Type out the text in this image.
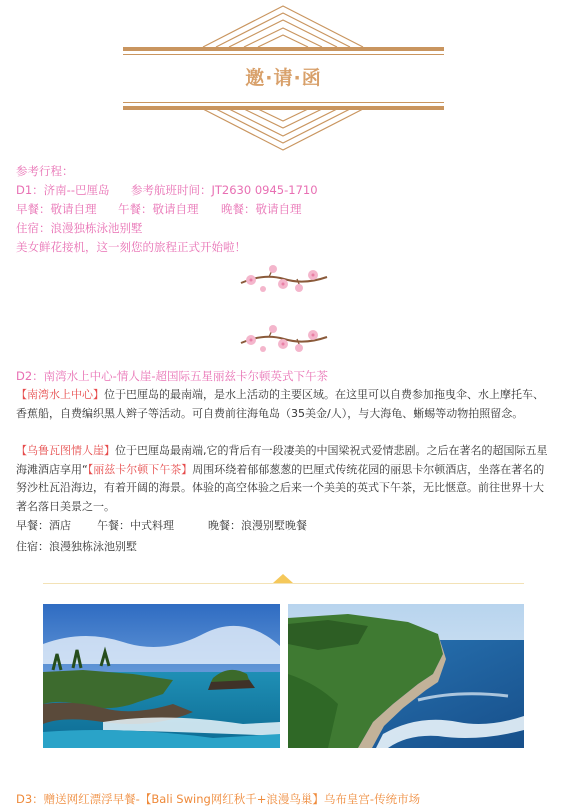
邀·请·函
参考行程：
D1：济南--巴厘岛 参考航班时间：JT2630 0945-1710
早餐：敬请自理 午餐：敬请自理 晚餐：敬请自理
住宿：浪漫独栋泳池别墅
美女鲜花接机，这一刻您的旅程正式开始啦！
D2：南湾水上中心-情人崖-超国际五星丽兹卡尔顿英式下午茶
【南湾水上中心】位于巴厘岛的最南端，是水上活动的主要区域。在这里可以自费参加拖曳伞、水上摩托车、香蕉船，自费编织黑人辫子等活动。可自费前往海龟岛（35美金/人），与大海龟、蜥蜴等动物拍照留念。
【乌鲁瓦图情人崖】位于巴厘岛最南端,它的背后有一段凄美的中国梁祝式爱情悲剧。之后在著名的超国际五星海滩酒店享用“【丽兹卡尔顿下午茶】周围环绕着郁郁葱葱的巴厘式传统花园的丽思卡尔顿酒店，坐落在著名的努沙杜瓦沿海边，有着开阔的海景。体验的高空体验之后来一个美美的英式下午茶，无比惬意。前往世界十大著名落日美景之一。
早餐：酒店 午餐：中式料理	晚餐：浪漫别墅晚餐
住宿：浪漫独栋泳池别墅
D3：赠送网红漂浮早餐-【Bali Swing网红秋千+浪漫鸟巢】乌布皇宫-传统市场
